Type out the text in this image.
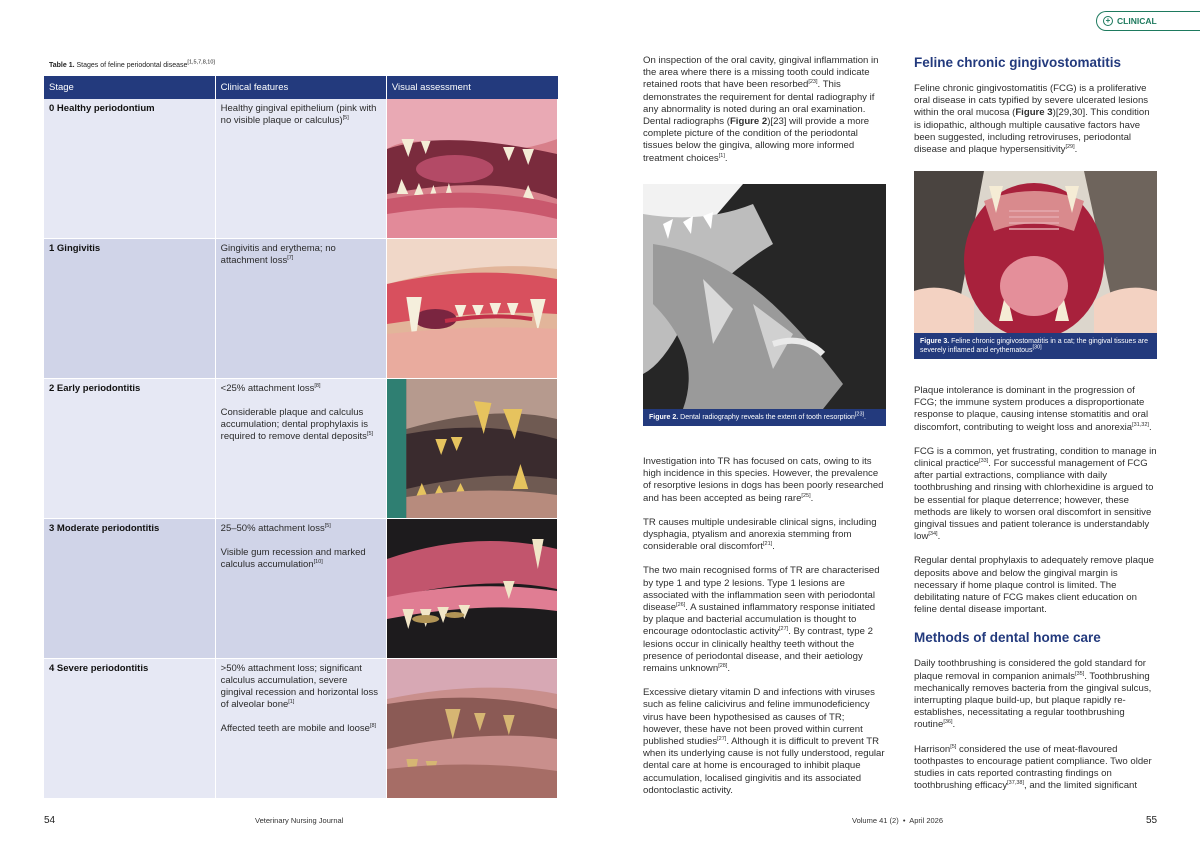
+ CLINICAL
Table 1. Stages of feline periodontal disease[1,5,7,8,10]
Stage	Clinical features	Visual assessment
0 Healthy periodontium	Healthy gingival epithelium (pink with no visible plaque or calculus)[5]

1 Gingivitis	Gingivitis and erythema; no attachment loss[7]

2 Early periodontitis	<25% attachment loss[8]

Considerable plaque and calculus accumulation; dental prophylaxis is required to remove dental deposits[5]

3 Moderate periodontitis	25–50% attachment loss[5]

Visible gum recession and marked calculus accumulation[10]

4 Severe periodontitis	>50% attachment loss; significant calculus accumulation, severe gingival recession and horizontal loss of alveolar bone[1]

Affected teeth are mobile and loose[8]

On inspection of the oral cavity, gingival inflammation in the area where there is a missing tooth could indicate retained roots that have been resorbed[23]. This demonstrates the requirement for dental radiography if any abnormality is noted during an oral examination. Dental radiographs (Figure 2)[23] will provide a more complete picture of the condition of the periodontal tissues below the gingiva, allowing more informed treatment choices[1].

Figure 2. Dental radiography reveals the extent of tooth resorption[23].

Investigation into TR has focused on cats, owing to its high incidence in this species. However, the prevalence of resorptive lesions in dogs has been poorly researched and has been accepted as being rare[25].

TR causes multiple undesirable clinical signs, including dysphagia, ptyalism and anorexia stemming from considerable oral discomfort[21].

The two main recognised forms of TR are characterised by type 1 and type 2 lesions. Type 1 lesions are associated with the inflammation seen with periodontal disease[26]. A sustained inflammatory response initiated by plaque and bacterial accumulation is thought to encourage odontoclastic activity[27]. By contrast, type 2 lesions occur in clinically healthy teeth without the presence of periodontal disease, and their aetiology remains unknown[28].

Excessive dietary vitamin D and infections with viruses such as feline calicivirus and feline immunodeficiency virus have been hypothesised as causes of TR; however, these have not been proved within current published studies[27]. Although it is difficult to prevent TR when its underlying cause is not fully understood, regular dental care at home is encouraged to inhibit plaque accumulation, localised gingivitis and its associated odontoclastic activity.

Feline chronic gingivostomatitis

Feline chronic gingivostomatitis (FCG) is a proliferative oral disease in cats typified by severe ulcerated lesions within the oral mucosa (Figure 3)[29,30]. This condition is idiopathic, although multiple causative factors have been suggested, including retroviruses, periodontal disease and plaque hypersensitivity[29].

Figure 3. Feline chronic gingivostomatitis in a cat; the gingival tissues are severely inflamed and erythematous[30]

Plaque intolerance is dominant in the progression of FCG; the immune system produces a disproportionate response to plaque, causing intense stomatitis and oral discomfort, contributing to weight loss and anorexia[31,32].

FCG is a common, yet frustrating, condition to manage in clinical practice[33]. For successful management of FCG after partial extractions, compliance with daily toothbrushing and rinsing with chlorhexidine is argued to be essential for plaque deterrence; however, these methods are likely to worsen oral discomfort in sensitive gingival tissues and patient tolerance is understandably low[34].

Regular dental prophylaxis to adequately remove plaque deposits above and below the gingival margin is necessary if home plaque control is limited. The debilitating nature of FCG makes client education on feline dental disease important.

Methods of dental home care

Daily toothbrushing is considered the gold standard for plaque removal in companion animals[35]. Toothbrushing mechanically removes bacteria from the gingival sulcus, interrupting plaque build-up, but plaque rapidly re-establishes, necessitating a regular toothbrushing routine[36].

Harrison[5] considered the use of meat-flavoured toothpastes to encourage patient compliance. Two older studies in cats reported contrasting findings on toothbrushing efficacy[37,38], and the limited significant

54	Veterinary Nursing Journal	Volume 41 (2)  •  April 2026	55
